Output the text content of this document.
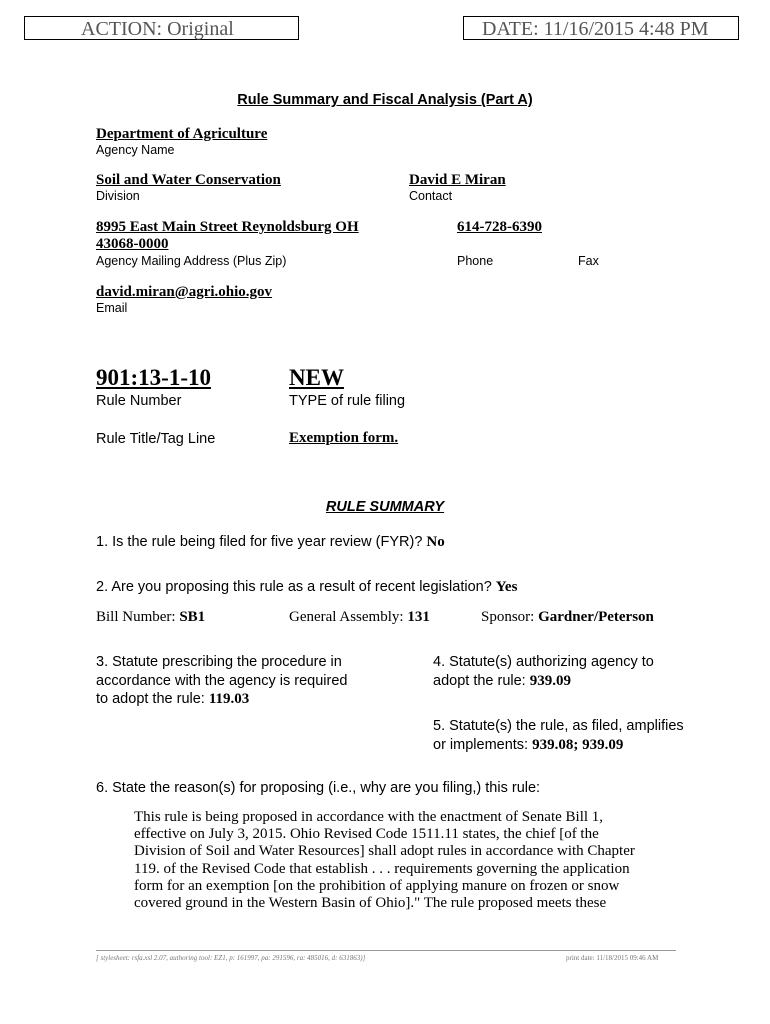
ACTION: Original	DATE: 11/16/2015 4:48 PM
Rule Summary and Fiscal Analysis (Part A)
Department of Agriculture
Agency Name
Soil and Water Conservation
Division
David E Miran
Contact
8995 East Main Street Reynoldsburg OH
43068-0000
Agency Mailing Address (Plus Zip)
614-728-6390
Phone	Fax
david.miran@agri.ohio.gov
Email
901:13-1-10
Rule Number
NEW
TYPE of rule filing
Rule Title/Tag Line	Exemption form.
RULE SUMMARY
1. Is the rule being filed for five year review (FYR)? No
2. Are you proposing this rule as a result of recent legislation? Yes
Bill Number: SB1	General Assembly: 131	Sponsor: Gardner/Peterson
3. Statute prescribing the procedure in
accordance with the agency is required
to adopt the rule: 119.03
4. Statute(s) authorizing agency to
adopt the rule: 939.09
5. Statute(s) the rule, as filed, amplifies
or implements: 939.08; 939.09
6. State the reason(s) for proposing (i.e., why are you filing,) this rule:
This rule is being proposed in accordance with the enactment of Senate Bill 1,
effective on July 3, 2015. Ohio Revised Code 1511.11 states, the chief [of the
Division of Soil and Water Resources] shall adopt rules in accordance with Chapter
119. of the Revised Code that establish . . . requirements governing the application
form for an exemption [on the prohibition of applying manure on frozen or snow
covered ground in the Western Basin of Ohio]." The rule proposed meets these
[ stylesheet: rsfa.xsl 2.07, authoring tool: EZ1, p: 161997, pa: 291596, ra: 485016, d: 631863)]	print date: 11/18/2015 09:46 AM
